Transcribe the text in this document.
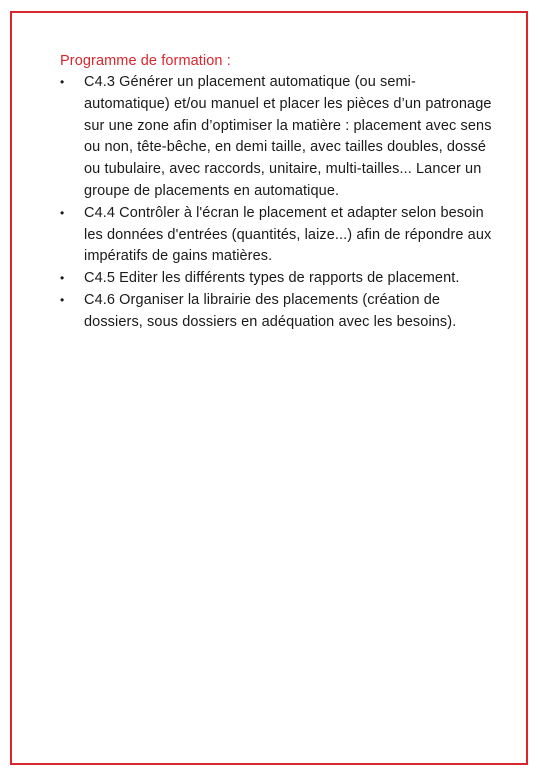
Programme de formation :

• C4.3 Générer un placement automatique (ou semi-automatique) et/ou manuel et placer les pièces d’un patronage sur une zone afin d’optimiser la matière : placement avec sens ou non, tête-bêche, en demi taille, avec tailles doubles, dossé ou tubulaire, avec raccords, unitaire, multi-tailles... Lancer un groupe de placements en automatique.
• C4.4 Contrôler à l'écran le placement et adapter selon besoin les données d'entrées (quantités, laize...) afin de répondre aux impératifs de gains matières.
• C4.5 Editer les différents types de rapports de placement.
• C4.6 Organiser la librairie des placements (création de dossiers, sous dossiers en adéquation avec les besoins).
